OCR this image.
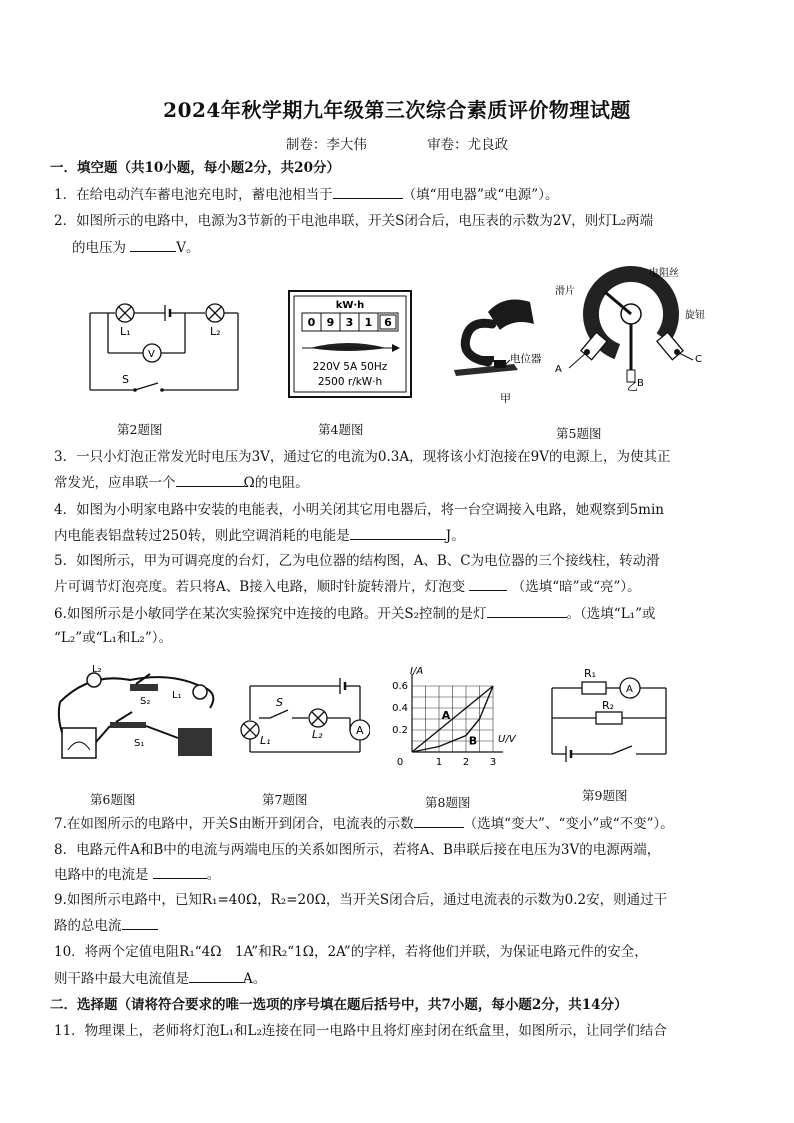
2024年秋学期九年级第三次综合素质评价物理试题
制卷：李大伟	审卷：尤良政
一．填空题（共10小题，每小题2分，共20分）
1．在给电动汽车蓄电池充电时，蓄电池相当于	（填“用电器”或“电源”）。
2．如图所示的电路中，电源为3节新的干电池串联，开关S闭合后，电压表的示数为2V，则灯L₂两端
的电压为	V。
L₁	L₂
V
S
第2题图
kW·h
0 9 3 1 6
220V 5A 50Hz
2500 r/kW·h
第4题图
电位器
甲
电阻丝
滑片
旋钮
A
B
C
乙
第5题图
3．一只小灯泡正常发光时电压为3V，通过它的电流为0.3A，现将该小灯泡接在9V的电源上，为使其正
常发光，应串联一个	Ω的电阻。
4．如图为小明家电路中安装的电能表，小明关闭其它用电器后，将一台空调接入电路，她观察到5min
内电能表铝盘转过250转，则此空调消耗的电能是	J。
5．如图所示，甲为可调亮度的台灯，乙为电位器的结构图，A、B、C为电位器的三个接线柱，转动滑
片可调节灯泡亮度。若只将A、B接入电路，顺时针旋转滑片，灯泡变	（选填“暗”或“亮”）。
6.如图所示是小敏同学在某次实验探究中连接的电路。开关S₂控制的是灯	。（选填“L₁”或
“L₂”或“L₁和L₂”）。
L₂
S₂
L₁
S₁
第6题图
A
S
L₁	L₂
第7题图
I/A
U/V
0	1 2 3
0.2
0.4
0.6
A
B
第8题图
R₁
R₂
A
第9题图
7.在如图所示的电路中，开关S由断开到闭合，电流表的示数	（选填“变大”、“变小”或“不变”）。
8．电路元件A和B中的电流与两端电压的关系如图所示，若将A、B串联后接在电压为3V的电源两端，
电路中的电流是	。
9.如图所示电路中，已知R₁=40Ω，R₂=20Ω，当开关S闭合后，通过电流表的示数为0.2安，则通过干
路的总电流
10．将两个定值电阻R₁“4Ω　1A”和R₂“1Ω，2A”的字样，若将他们并联，为保证电路元件的安全，
则干路中最大电流值是	A。
二．选择题（请将符合要求的唯一选项的序号填在题后括号中，共7小题，每小题2分，共14分）
11．物理课上，老师将灯泡L₁和L₂连接在同一电路中且将灯座封闭在纸盒里，如图所示，让同学们结合
